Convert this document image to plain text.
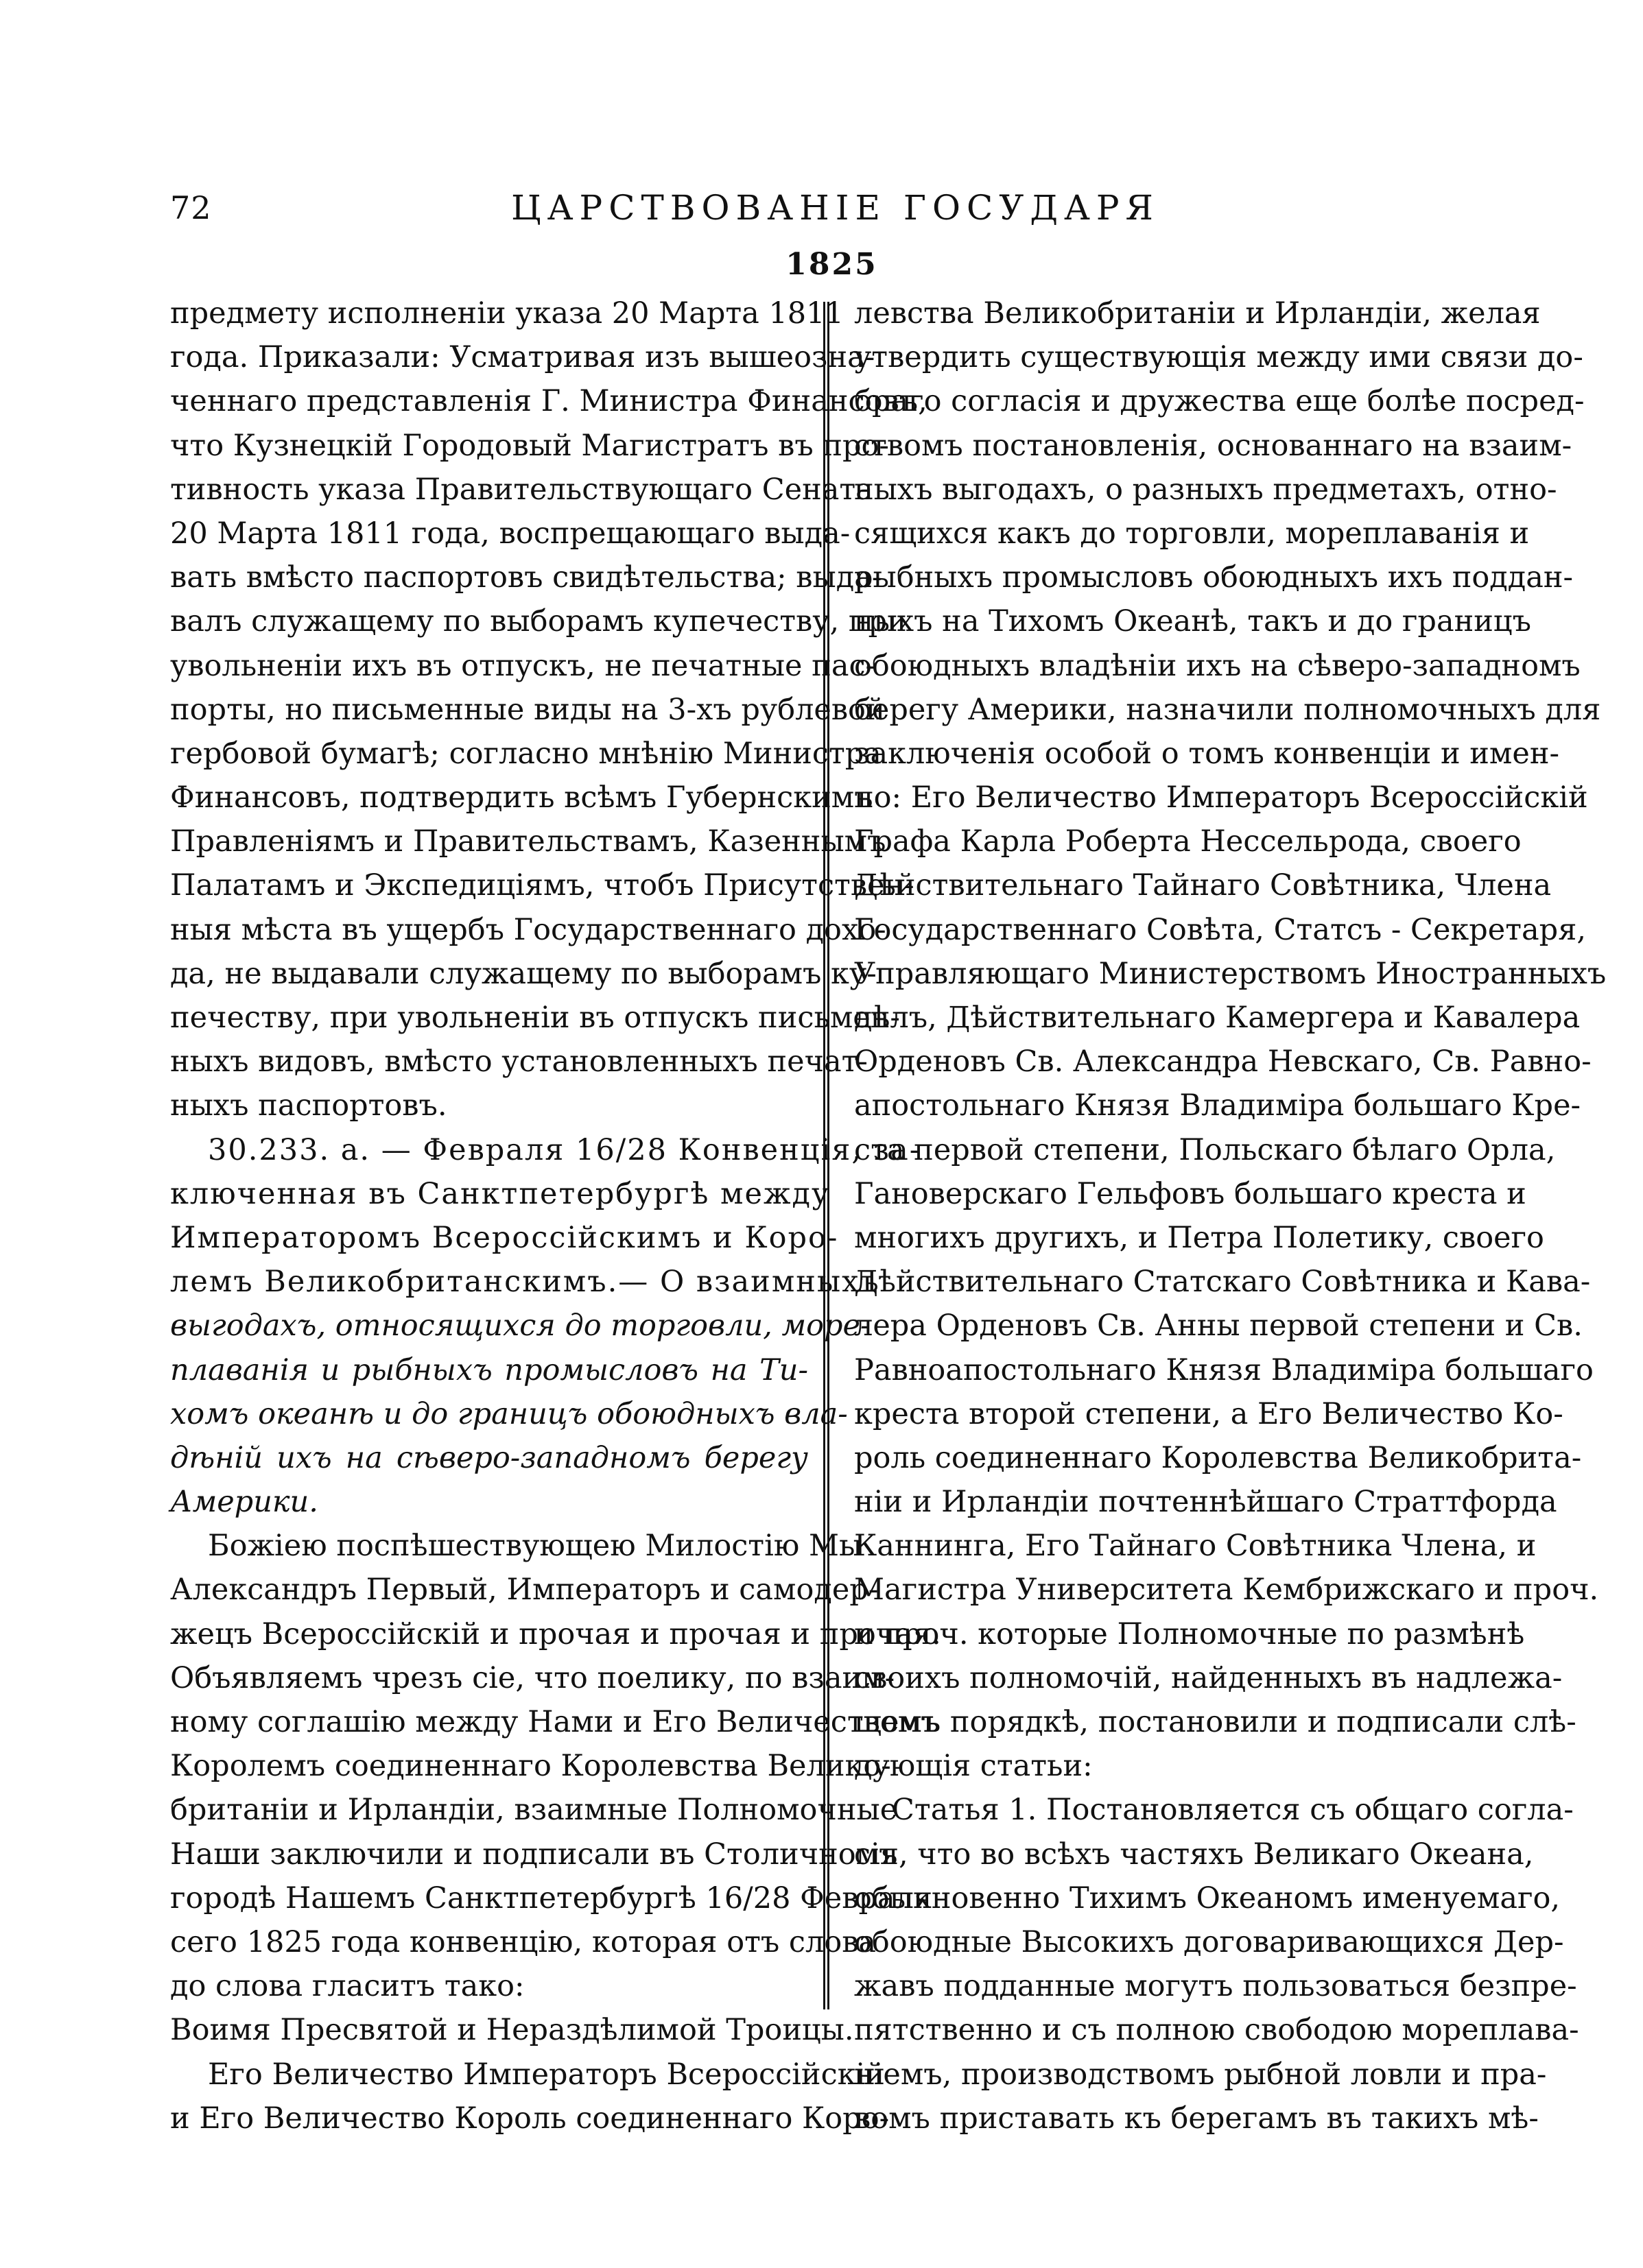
72	ЦАРСТВОВАНІЕ ГОСУДАРЯ
1825
предмету исполненіи указа 20 Марта 1811
года. Приказали: Усматривая изъ вышеозна-
ченнаго представленія Г. Министра Финансовъ,
что Кузнецкій Городовый Магистратъ въ про-
тивность указа Правительствующаго Сената
20 Марта 1811 года, воспрещающаго выда-
вать вмѣсто паспортовъ свидѣтельства; выда-
валъ служащему по выборамъ купечеству, при
увольненіи ихъ въ отпускъ, не печатные пас-
порты, но письменные виды на 3-хъ рублевой
гербовой бумагѣ; согласно мнѣнію Министра
Финансовъ, подтвердить всѣмъ Губернскимъ
Правленіямъ и Правительствамъ, Казеннымъ
Палатамъ и Экспедиціямъ, чтобъ Присутствен-
ныя мѣста въ ущербъ Государственнаго дохо-
да, не выдавали служащему по выборамъ ку-
печеству, при увольненіи въ отпускъ письмен-
ныхъ видовъ, вмѣсто установленныхъ печат-
ныхъ паспортовъ.
30.233. а. — Февраля 16/28 Конвенція, за-
ключенная въ Санктпетербургѣ между
Императоромъ Всероссійскимъ и Коро-
лемъ Великобританскимъ.— О взаимныхъ
выгодахъ, относящихся до торговли, море-
плаванія и рыбныхъ промысловъ на Ти-
хомъ океанѣ и до границъ обоюдныхъ вла-
дѣній ихъ на сѣверо-западномъ берегу
Америки.
Божіею поспѣшествующею Милостію Мы
Александръ Первый, Императоръ и самодер-
жецъ Всероссійскій и прочая и прочая и прочая.
Объявляемъ чрезъ сіе, что поелику, по взаим-
ному соглашію между Нами и Его Величествомъ
Королемъ соединеннаго Королевства Велико-
британіи и Ирландіи, взаимные Полномочные
Наши заключили и подписали въ Столичномъ
городѣ Нашемъ Санктпетербургѣ 16/28 Февраля
сего 1825 года конвенцію, которая отъ слова
до слова гласитъ тако:
Воимя Пресвятой и Нераздѣлимой Троицы.
Его Величество Императоръ Всероссійскій
и Его Величество Король соединеннаго Коро-
левства Великобританіи и Ирландіи, желая
утвердить существующія между ими связи до-
браго согласія и дружества еще болѣе посред-
ствомъ постановленія, основаннаго на взаим-
ныхъ выгодахъ, о разныхъ предметахъ, отно-
сящихся какъ до торговли, мореплаванія и
рыбныхъ промысловъ обоюдныхъ ихъ поддан-
ныхъ на Тихомъ Океанѣ, такъ и до границъ
обоюдныхъ владѣніи ихъ на сѣверо-западномъ
берегу Америки, назначили полномочныхъ для
заключенія особой о томъ конвенціи и имен-
но: Его Величество Императоръ Всероссійскій
Графа Карла Роберта Нессельрода, своего
Дѣйствительнаго Тайнаго Совѣтника, Члена
Государственнаго Совѣта, Статсъ - Секретаря,
Управляющаго Министерствомъ Иностранныхъ
дѣлъ, Дѣйствительнаго Камергера и Кавалера
Орденовъ Св. Александра Невскаго, Св. Равно-
апостольнаго Князя Владиміра большаго Кре-
ста первой степени, Польскаго бѣлаго Орла,
Гановерскаго Гельфовъ большаго креста и
многихъ другихъ, и Петра Полетику, своего
Дѣйствительнаго Статскаго Совѣтника и Кава-
лера Орденовъ Св. Анны первой степени и Св.
Равноапостольнаго Князя Владиміра большаго
креста второй степени, а Его Величество Ко-
роль соединеннаго Королевства Великобрита-
ніи и Ирландіи почтеннѣйшаго Страттфорда
Каннинга, Его Тайнаго Совѣтника Члена, и
Магистра Университета Кембрижскаго и проч.
и проч. которые Полномочные по размѣнѣ
своихъ полномочій, найденныхъ въ надлежа-
щемъ порядкѣ, постановили и подписали слѣ-
дующія статьи:
Статья 1. Постановляется съ общаго согла-
сія, что во всѣхъ частяхъ Великаго Океана,
обыкновенно Тихимъ Океаномъ именуемаго,
обоюдные Высокихъ договаривающихся Дер-
жавъ подданные могутъ пользоваться безпре-
пятственно и съ полною свободою мореплава-
ніемъ, производствомъ рыбной ловли и пра-
вомъ приставать къ берегамъ въ такихъ мѣ-
